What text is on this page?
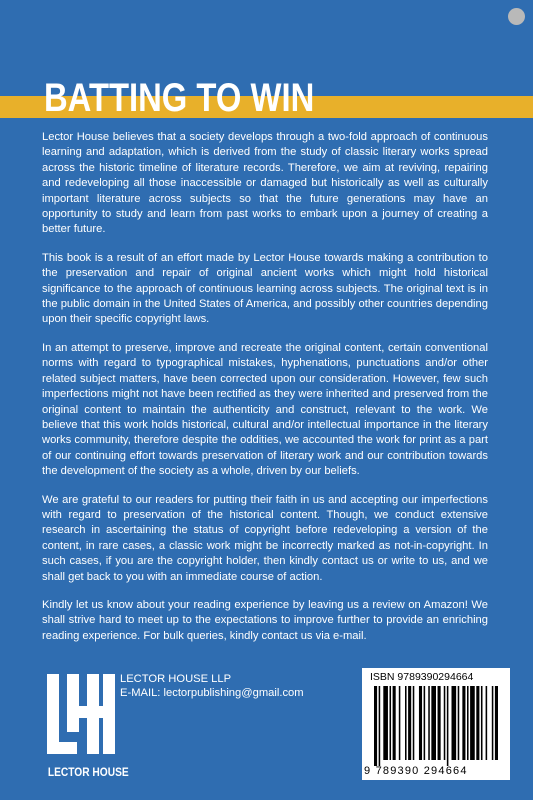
BATTING TO WIN

Lector House believes that a society develops through a two-fold approach of continuous learning and adaptation, which is derived from the study of classic literary works spread across the historic timeline of literature records. Therefore, we aim at reviving, repairing and redeveloping all those inaccessible or damaged but historically as well as culturally important literature across subjects so that the future generations may have an opportunity to study and learn from past works to embark upon a journey of creating a better future.

This book is a result of an effort made by Lector House towards making a contribution to the preservation and repair of original ancient works which might hold historical significance to the approach of continuous learning across subjects. The original text is in the public domain in the United States of America, and possibly other countries depending upon their specific copyright laws.

In an attempt to preserve, improve and recreate the original content, certain conventional norms with regard to typographical mistakes, hyphenations, punctuations and/or other related subject matters, have been corrected upon our consideration. However, few such imperfections might not have been rectified as they were inherited and preserved from the original content to maintain the authenticity and construct, relevant to the work. We believe that this work holds historical, cultural and/or intellectual importance in the literary works community, therefore despite the oddities, we accounted the work for print as a part of our continuing effort towards preservation of literary work and our contribution towards the development of the society as a whole, driven by our beliefs.

We are grateful to our readers for putting their faith in us and accepting our imperfections with regard to preservation of the historical content. Though, we conduct extensive research in ascertaining the status of copyright before redeveloping a version of the content, in rare cases, a classic work might be incorrectly marked as not-in-copyright. In such cases, if you are the copyright holder, then kindly contact us or write to us, and we shall get back to you with an immediate course of action.

Kindly let us know about your reading experience by leaving us a review on Amazon! We shall strive hard to meet up to the expectations to improve further to provide an enriching reading experience. For bulk queries, kindly contact us via e-mail.

LECTOR HOUSE
LECTOR HOUSE LLP
E-MAIL: lectorpublishing@gmail.com
ISBN 9789390294664
9 789390 294664
